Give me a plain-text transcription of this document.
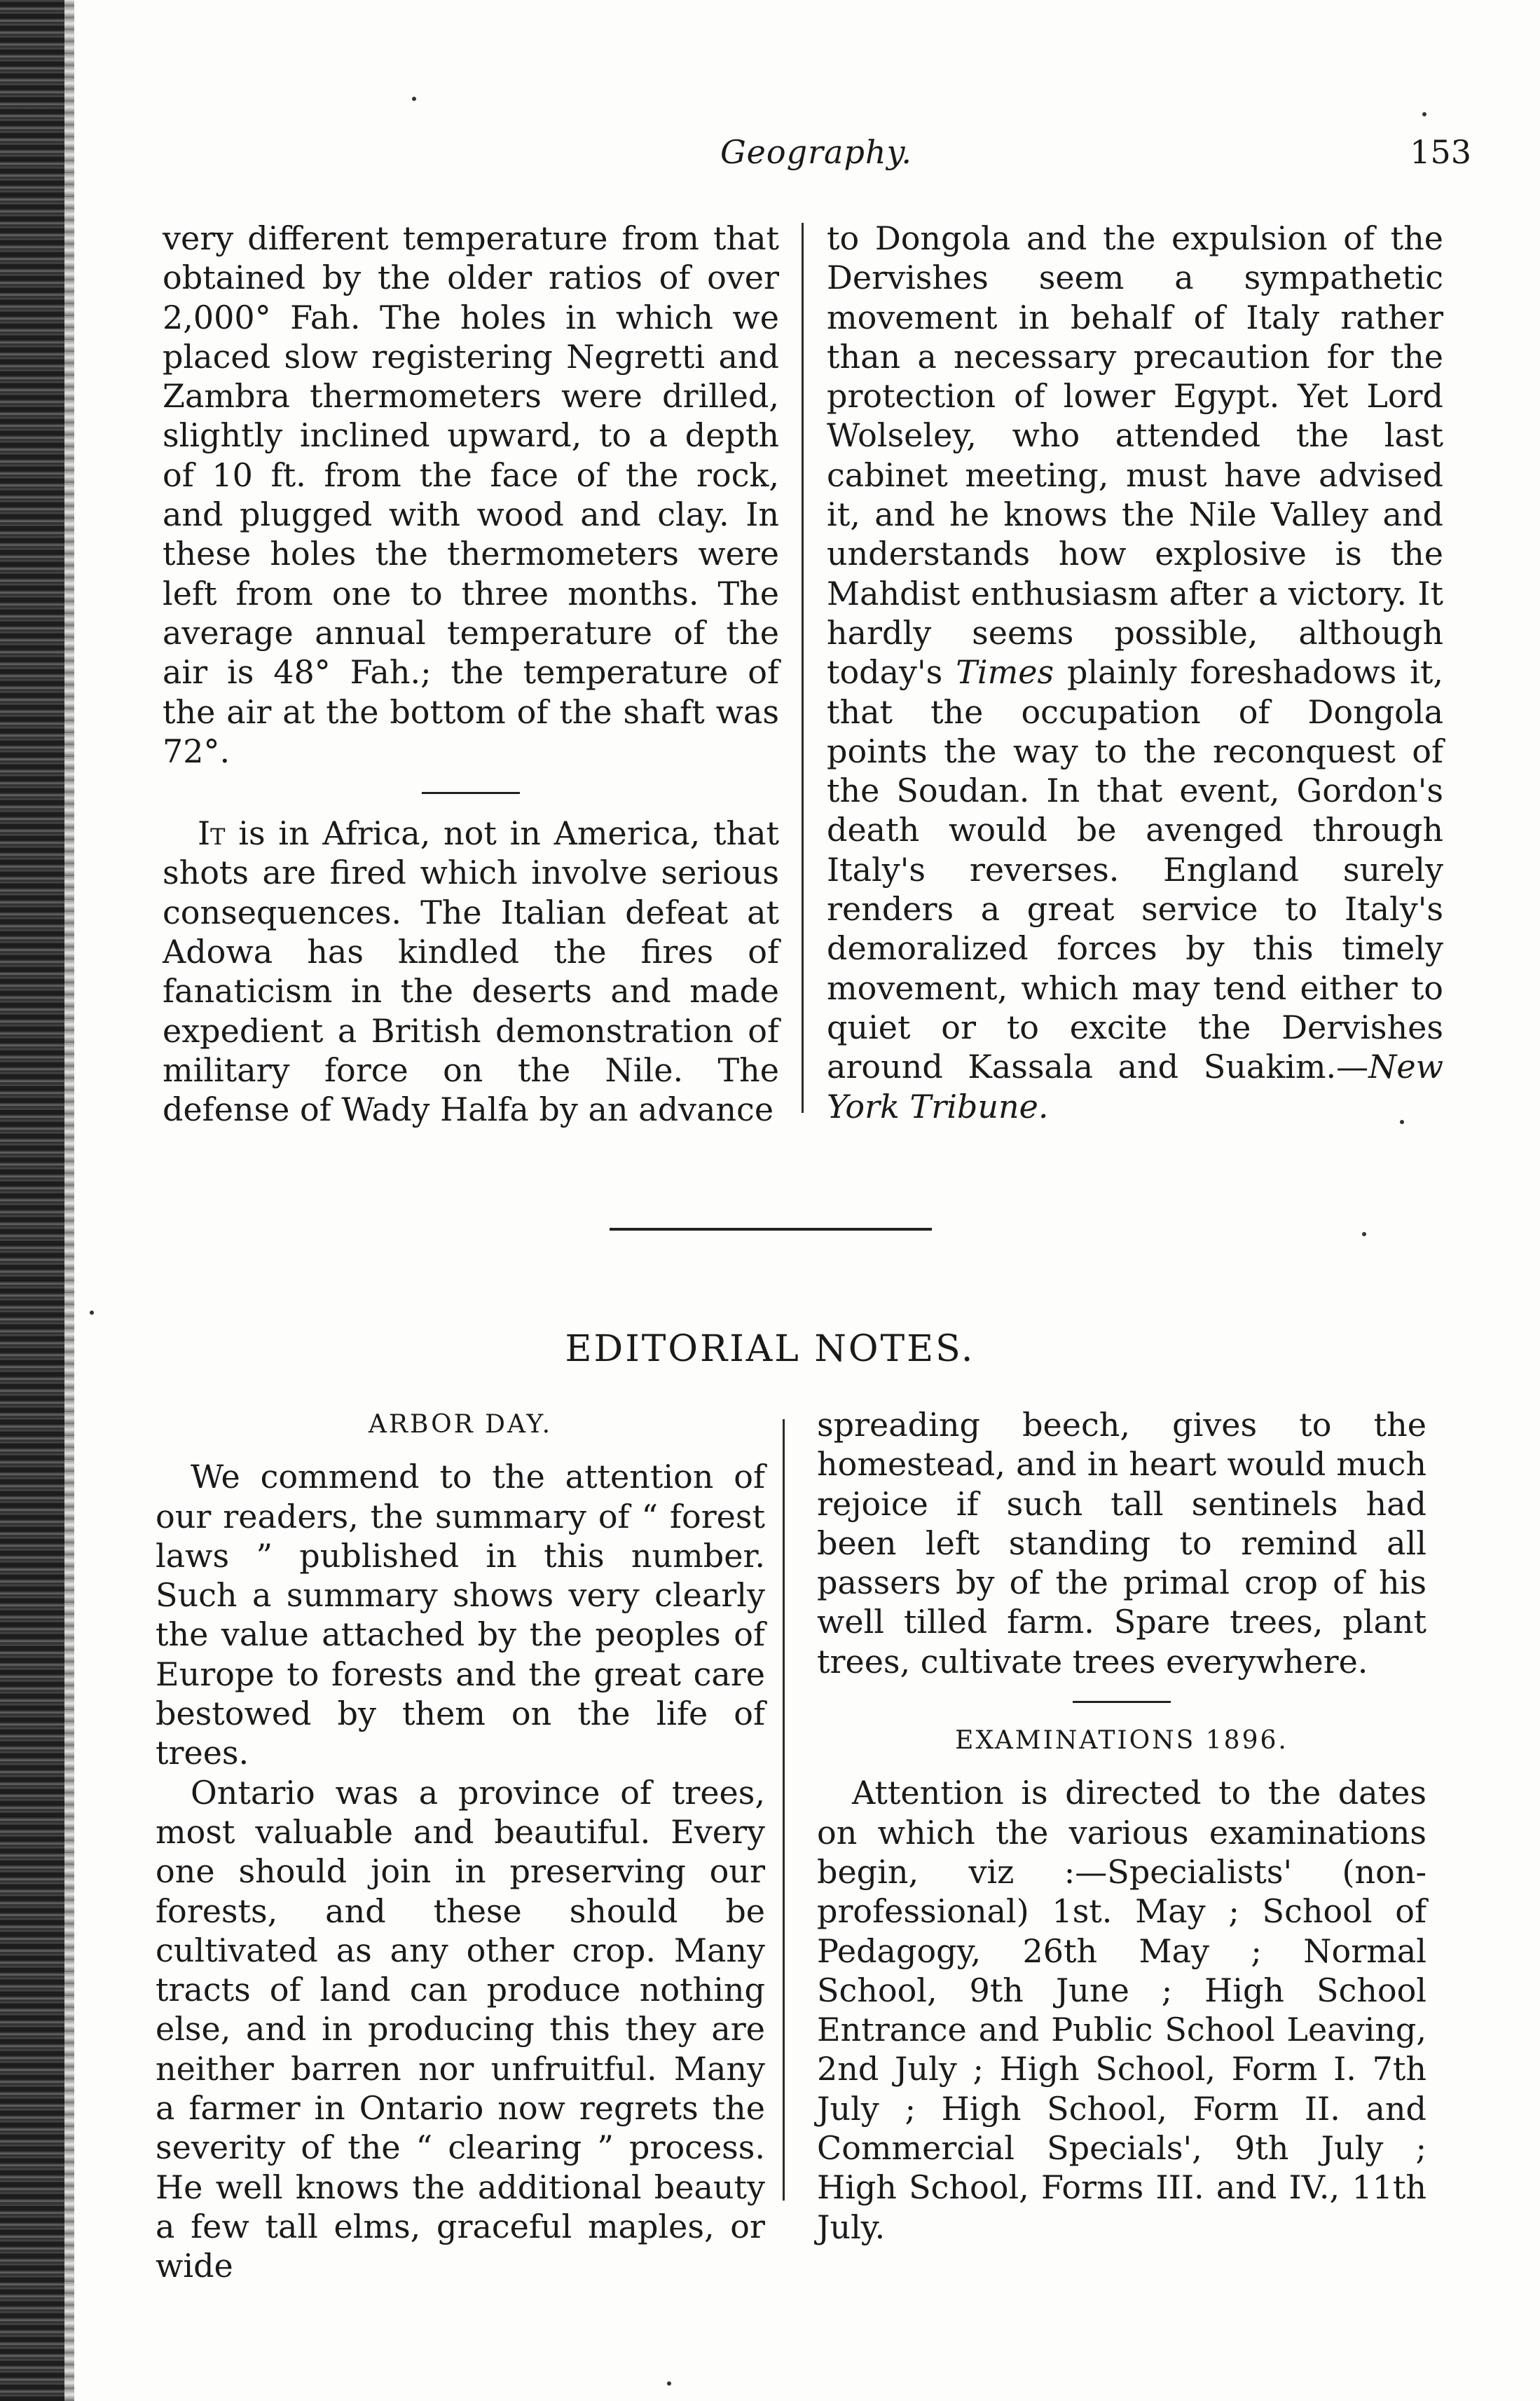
Geography.	153

very different temperature from that obtained by the older ratios of over 2,000° Fah. The holes in which we placed slow registering Negretti and Zambra thermometers were drilled, slightly inclined upward, to a depth of 10 ft. from the face of the rock, and plugged with wood and clay. In these holes the thermometers were left from one to three months. The average annual temperature of the air is 48° Fah.; the temperature of the air at the bottom of the shaft was 72°.

It is in Africa, not in America, that shots are fired which involve serious consequences. The Italian defeat at Adowa has kindled the fires of fanaticism in the deserts and made expedient a British demonstration of military force on the Nile. The defense of Wady Halfa by an advance

to Dongola and the expulsion of the Dervishes seem a sympathetic movement in behalf of Italy rather than a necessary precaution for the protection of lower Egypt. Yet Lord Wolseley, who attended the last cabinet meeting, must have advised it, and he knows the Nile Valley and understands how explosive is the Mahdist enthusiasm after a victory. It hardly seems possible, although today's Times plainly foreshadows it, that the occupation of Dongola points the way to the reconquest of the Soudan. In that event, Gordon's death would be avenged through Italy's reverses. England surely renders a great service to Italy's demoralized forces by this timely movement, which may tend either to quiet or to excite the Dervishes around Kassala and Suakim.—New York Tribune.

EDITORIAL NOTES.

ARBOR DAY.

We commend to the attention of our readers, the summary of “ forest laws ” published in this number. Such a summary shows very clearly the value attached by the peoples of Europe to forests and the great care bestowed by them on the life of trees.

Ontario was a province of trees, most valuable and beautiful. Every one should join in preserving our forests, and these should be cultivated as any other crop. Many tracts of land can produce nothing else, and in producing this they are neither barren nor unfruitful. Many a farmer in Ontario now regrets the severity of the “ clearing ” process. He well knows the additional beauty a few tall elms, graceful maples, or wide

spreading beech, gives to the homestead, and in heart would much rejoice if such tall sentinels had been left standing to remind all passers by of the primal crop of his well tilled farm. Spare trees, plant trees, cultivate trees everywhere.

EXAMINATIONS 1896.

Attention is directed to the dates on which the various examinations begin, viz :—Specialists' (non-professional) 1st. May ; School of Pedagogy, 26th May ; Normal School, 9th June ; High School Entrance and Public School Leaving, 2nd July ; High School, Form I. 7th July ; High School, Form II. and Commercial Specials', 9th July ; High School, Forms III. and IV., 11th July.
